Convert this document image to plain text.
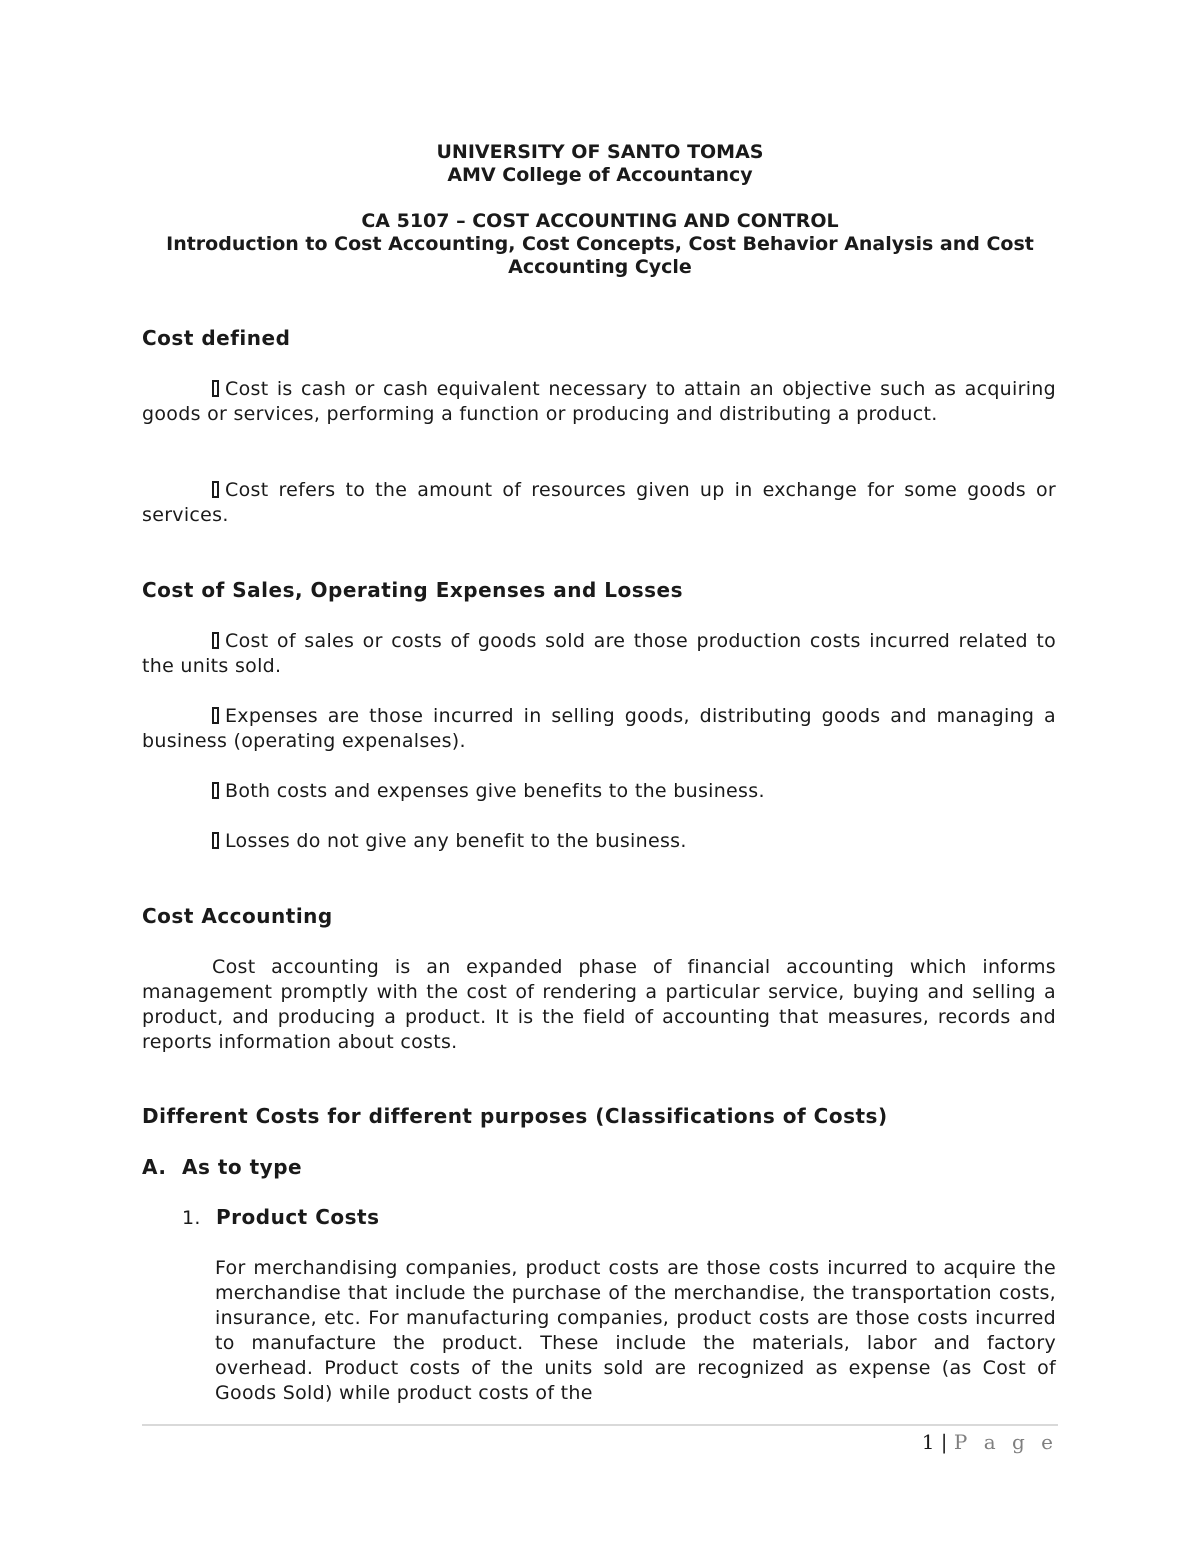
UNIVERSITY OF SANTO TOMAS
AMV College of Accountancy
CA 5107 – COST ACCOUNTING AND CONTROL
Introduction to Cost Accounting, Cost Concepts, Cost Behavior Analysis and Cost
Accounting Cycle
Cost defined
Cost is cash or cash equivalent necessary to attain an objective such as acquiring goods or services, performing a function or producing and distributing a product.
Cost refers to the amount of resources given up in exchange for some goods or services.
Cost of Sales, Operating Expenses and Losses
Cost of sales or costs of goods sold are those production costs incurred related to the units sold.
Expenses are those incurred in selling goods, distributing goods and managing a business (operating expenalses).
Both costs and expenses give benefits to the business.
Losses do not give any benefit to the business.
Cost Accounting
Cost accounting is an expanded phase of financial accounting which informs management promptly with the cost of rendering a particular service, buying and selling a product, and producing a product. It is the field of accounting that measures, records and reports information about costs.
Different Costs for different purposes (Classifications of Costs)
A. As to type
1. Product Costs
For merchandising companies, product costs are those costs incurred to acquire the merchandise that include the purchase of the merchandise, the transportation costs, insurance, etc. For manufacturing companies, product costs are those costs incurred to manufacture the product. These include the materials, labor and factory overhead. Product costs of the units sold are recognized as expense (as Cost of Goods Sold) while product costs of the
1 | P a g e
